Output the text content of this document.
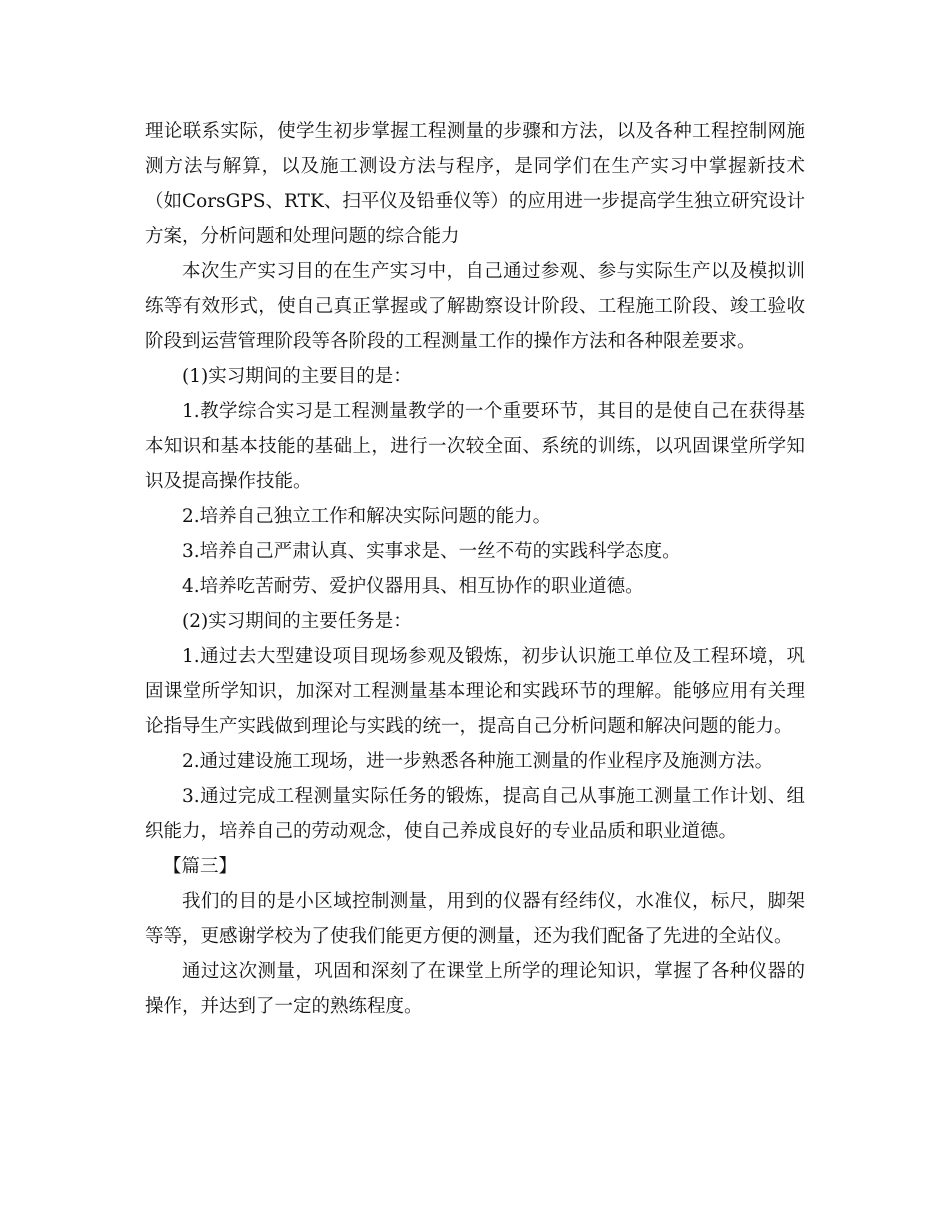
理论联系实际，使学生初步掌握工程测量的步骤和方法，以及各种工程控制网施测方法与解算，以及施工测设方法与程序，是同学们在生产实习中掌握新技术（如CorsGPS、RTK、扫平仪及铅垂仪等）的应用进一步提高学生独立研究设计方案，分析问题和处理问题的综合能力

本次生产实习目的在生产实习中，自己通过参观、参与实际生产以及模拟训练等有效形式，使自己真正掌握或了解勘察设计阶段、工程施工阶段、竣工验收阶段到运营管理阶段等各阶段的工程测量工作的操作方法和各种限差要求。

(1)实习期间的主要目的是：

1.教学综合实习是工程测量教学的一个重要环节，其目的是使自己在获得基本知识和基本技能的基础上，进行一次较全面、系统的训练，以巩固课堂所学知识及提高操作技能。

2.培养自己独立工作和解决实际问题的能力。

3.培养自己严肃认真、实事求是、一丝不苟的实践科学态度。

4.培养吃苦耐劳、爱护仪器用具、相互协作的职业道德。

(2)实习期间的主要任务是：

1.通过去大型建设项目现场参观及锻炼，初步认识施工单位及工程环境，巩固课堂所学知识，加深对工程测量基本理论和实践环节的理解。能够应用有关理论指导生产实践做到理论与实践的统一，提高自己分析问题和解决问题的能力。

2.通过建设施工现场，进一步熟悉各种施工测量的作业程序及施测方法。

3.通过完成工程测量实际任务的锻炼，提高自己从事施工测量工作计划、组织能力，培养自己的劳动观念，使自己养成良好的专业品质和职业道德。

【篇三】

我们的目的是小区域控制测量，用到的仪器有经纬仪，水准仪，标尺，脚架等等，更感谢学校为了使我们能更方便的测量，还为我们配备了先进的全站仪。

通过这次测量，巩固和深刻了在课堂上所学的理论知识，掌握了各种仪器的操作，并达到了一定的熟练程度。
